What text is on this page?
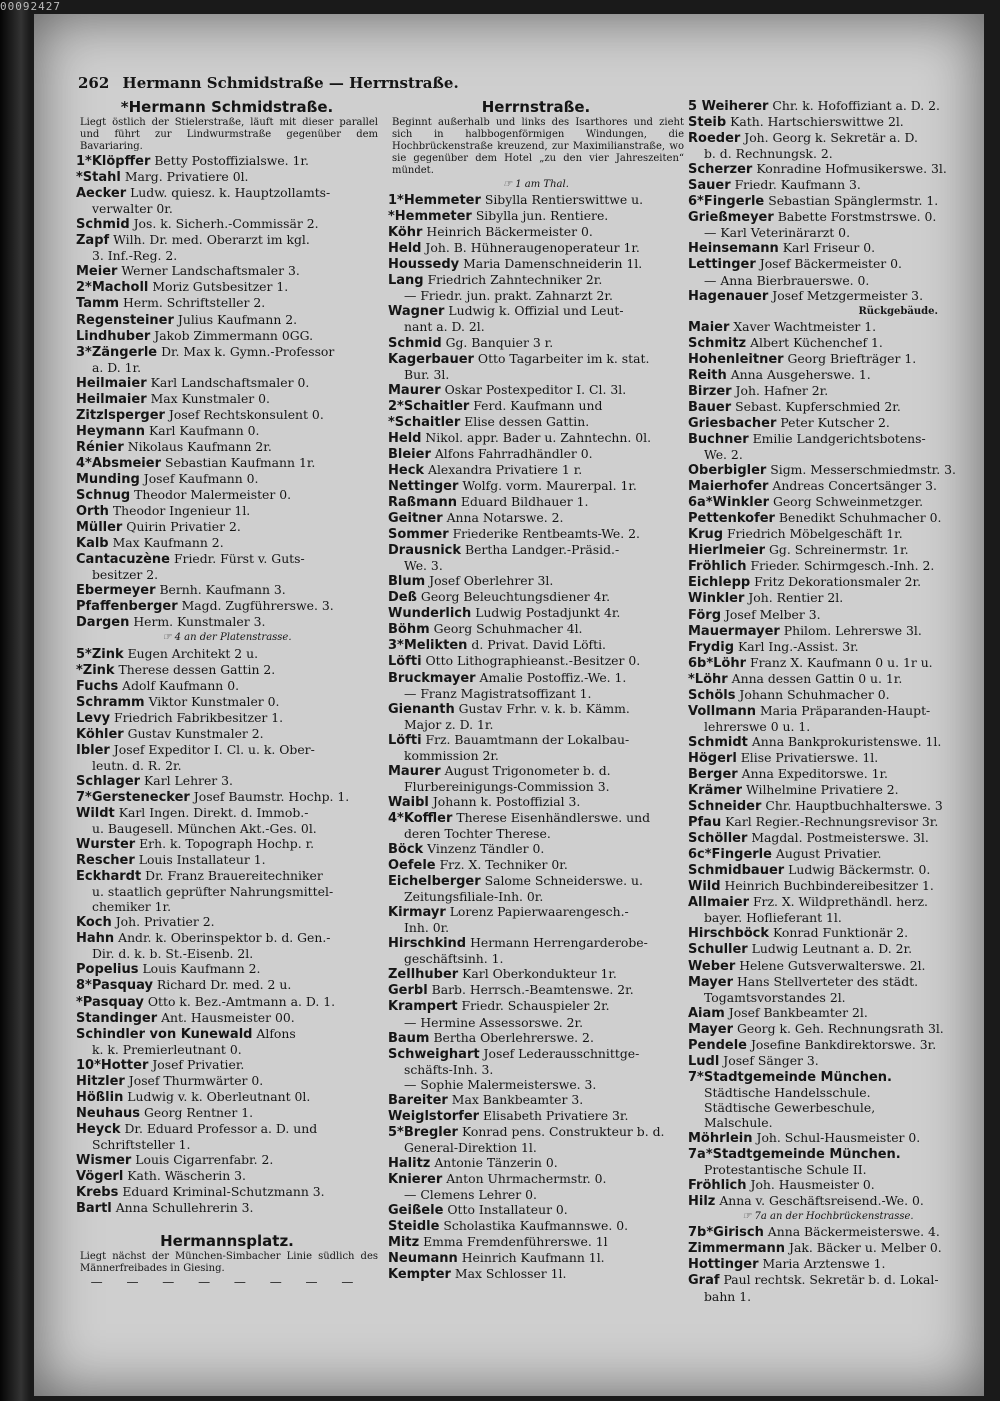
00092427
262 Hermann Schmidstraße — Herrnstraße.
*Hermann Schmidstraße.
Liegt östlich der Stielerstraße, läuft mit dieser parallel und führt zur Lindwurmstraße gegenüber dem Bavariaring.
1*Klöpffer Betty Postoffizialswe. 1r.
*Stahl Marg. Privatiere 0l.
Aecker Ludw. quiesz. k. Hauptzollamts-
verwalter 0r.
Schmid Jos. k. Sicherh.-Commissär 2.
Zapf Wilh. Dr. med. Oberarzt im kgl.
3. Inf.-Reg. 2.
Meier Werner Landschaftsmaler 3.
2*Macholl Moriz Gutsbesitzer 1.
Tamm Herm. Schriftsteller 2.
Regensteiner Julius Kaufmann 2.
Lindhuber Jakob Zimmermann 0GG.
3*Zängerle Dr. Max k. Gymn.-Professor
a. D. 1r.
Heilmaier Karl Landschaftsmaler 0.
Heilmaier Max Kunstmaler 0.
Zitzlsperger Josef Rechtskonsulent 0.
Heymann Karl Kaufmann 0.
Rénier Nikolaus Kaufmann 2r.
4*Absmeier Sebastian Kaufmann 1r.
Munding Josef Kaufmann 0.
Schnug Theodor Malermeister 0.
Orth Theodor Ingenieur 1l.
Müller Quirin Privatier 2.
Kalb Max Kaufmann 2.
Cantacuzène Friedr. Fürst v. Guts-
besitzer 2.
Ebermeyer Bernh. Kaufmann 3.
Pfaffenberger Magd. Zugführerswe. 3.
Dargen Herm. Kunstmaler 3.
☞ 4 an der Platenstrasse.
5*Zink Eugen Architekt 2 u.
*Zink Therese dessen Gattin 2.
Fuchs Adolf Kaufmann 0.
Schramm Viktor Kunstmaler 0.
Levy Friedrich Fabrikbesitzer 1.
Köhler Gustav Kunstmaler 2.
Ibler Josef Expeditor I. Cl. u. k. Ober-
leutn. d. R. 2r.
Schlager Karl Lehrer 3.
7*Gerstenecker Josef Baumstr. Hochp. 1.
Wildt Karl Ingen. Direkt. d. Immob.-
u. Baugesell. München Akt.-Ges. 0l.
Wurster Erh. k. Topograph Hochp. r.
Rescher Louis Installateur 1.
Eckhardt Dr. Franz Brauereitechniker
u. staatlich geprüfter Nahrungsmittel-
chemiker 1r.
Koch Joh. Privatier 2.
Hahn Andr. k. Oberinspektor b. d. Gen.-
Dir. d. k. b. St.-Eisenb. 2l.
Popelius Louis Kaufmann 2.
8*Pasquay Richard Dr. med. 2 u.
*Pasquay Otto k. Bez.-Amtmann a. D. 1.
Standinger Ant. Hausmeister 00.
Schindler von Kunewald Alfons
k. k. Premierleutnant 0.
10*Hotter Josef Privatier.
Hitzler Josef Thurmwärter 0.
Hößlin Ludwig v. k. Oberleutnant 0l.
Neuhaus Georg Rentner 1.
Heyck Dr. Eduard Professor a. D. und
Schriftsteller 1.
Wismer Louis Cigarrenfabr. 2.
Vögerl Kath. Wäscherin 3.
Krebs Eduard Kriminal-Schutzmann 3.
Bartl Anna Schullehrerin 3.
Hermannsplatz.
Liegt nächst der München-Simbacher Linie südlich des Männerfreibades in Giesing.
— — — — — — — —
Herrnstraße.
Beginnt außerhalb und links des Isarthores und zieht sich in halbbogenförmigen Windungen, die Hochbrückenstraße kreuzend, zur Maximilianstraße, wo sie gegenüber dem Hotel „zu den vier Jahreszeiten“ mündet.
☞ 1 am Thal.
1*Hemmeter Sibylla Rentierswittwe u.
*Hemmeter Sibylla jun. Rentiere.
Köhr Heinrich Bäckermeister 0.
Held Joh. B. Hühneraugenoperateur 1r.
Houssedy Maria Damenschneiderin 1l.
Lang Friedrich Zahntechniker 2r.
— Friedr. jun. prakt. Zahnarzt 2r.
Wagner Ludwig k. Offizial und Leut-
nant a. D. 2l.
Schmid Gg. Banquier 3 r.
Kagerbauer Otto Tagarbeiter im k. stat.
Bur. 3l.
Maurer Oskar Postexpeditor I. Cl. 3l.
2*Schaitler Ferd. Kaufmann und
*Schaitler Elise dessen Gattin.
Held Nikol. appr. Bader u. Zahntechn. 0l.
Bleier Alfons Fahrradhändler 0.
Heck Alexandra Privatiere 1 r.
Nettinger Wolfg. vorm. Maurerpal. 1r.
Raßmann Eduard Bildhauer 1.
Geitner Anna Notarswe. 2.
Sommer Friederike Rentbeamts-We. 2.
Drausnick Bertha Landger.-Präsid.-
We. 3.
Blum Josef Oberlehrer 3l.
Deß Georg Beleuchtungsdiener 4r.
Wunderlich Ludwig Postadjunkt 4r.
Böhm Georg Schuhmacher 4l.
3*Melikten d. Privat. David Löfti.
Löfti Otto Lithographieanst.-Besitzer 0.
Bruckmayer Amalie Postoffiz.-We. 1.
— Franz Magistratsoffizant 1.
Gienanth Gustav Frhr. v. k. b. Kämm.
Major z. D. 1r.
Löfti Frz. Bauamtmann der Lokalbau-
kommission 2r.
Maurer August Trigonometer b. d.
Flurbereinigungs-Commission 3.
Waibl Johann k. Postoffizial 3.
4*Koffler Therese Eisenhändlerswe. und
deren Tochter Therese.
Böck Vinzenz Tändler 0.
Oefele Frz. X. Techniker 0r.
Eichelberger Salome Schneiderswe. u.
Zeitungsfiliale-Inh. 0r.
Kirmayr Lorenz Papierwaarengesch.-
Inh. 0r.
Hirschkind Hermann Herrengarderobe-
geschäftsinh. 1.
Zellhuber Karl Oberkondukteur 1r.
Gerbl Barb. Herrsch.-Beamtenswe. 2r.
Krampert Friedr. Schauspieler 2r.
— Hermine Assessorswe. 2r.
Baum Bertha Oberlehrerswe. 2.
Schweighart Josef Lederausschnittge-
schäfts-Inh. 3.
— Sophie Malermeisterswe. 3.
Bareiter Max Bankbeamter 3.
Weiglstorfer Elisabeth Privatiere 3r.
5*Bregler Konrad pens. Construkteur b. d.
General-Direktion 1l.
Halitz Antonie Tänzerin 0.
Knierer Anton Uhrmachermstr. 0.
— Clemens Lehrer 0.
Geißele Otto Installateur 0.
Steidle Scholastika Kaufmannswe. 0.
Mitz Emma Fremdenführerswe. 1l
Neumann Heinrich Kaufmann 1l.
Kempter Max Schlosser 1l.
5 Weiherer Chr. k. Hofoffiziant a. D. 2.
Steib Kath. Hartschierswittwe 2l.
Roeder Joh. Georg k. Sekretär a. D.
b. d. Rechnungsk. 2.
Scherzer Konradine Hofmusikerswe. 3l.
Sauer Friedr. Kaufmann 3.
6*Fingerle Sebastian Spänglermstr. 1.
Grießmeyer Babette Forstmstrswe. 0.
— Karl Veterinärarzt 0.
Heinsemann Karl Friseur 0.
Lettinger Josef Bäckermeister 0.
— Anna Bierbrauerswe. 0.
Hagenauer Josef Metzgermeister 3.
Rückgebäude.
Maier Xaver Wachtmeister 1.
Schmitz Albert Küchenchef 1.
Hohenleitner Georg Briefträger 1.
Reith Anna Ausgeherswe. 1.
Birzer Joh. Hafner 2r.
Bauer Sebast. Kupferschmied 2r.
Griesbacher Peter Kutscher 2.
Buchner Emilie Landgerichtsbotens-
We. 2.
Oberbigler Sigm. Messerschmiedmstr. 3.
Maierhofer Andreas Concertsänger 3.
6a*Winkler Georg Schweinmetzger.
Pettenkofer Benedikt Schuhmacher 0.
Krug Friedrich Möbelgeschäft 1r.
Hierlmeier Gg. Schreinermstr. 1r.
Fröhlich Frieder. Schirmgesch.-Inh. 2.
Eichlepp Fritz Dekorationsmaler 2r.
Winkler Joh. Rentier 2l.
Förg Josef Melber 3.
Mauermayer Philom. Lehrerswe 3l.
Frydig Karl Ing.-Assist. 3r.
6b*Löhr Franz X. Kaufmann 0 u. 1r u.
*Löhr Anna dessen Gattin 0 u. 1r.
Schöls Johann Schuhmacher 0.
Vollmann Maria Präparanden-Haupt-
lehrerswe 0 u. 1.
Schmidt Anna Bankprokuristenswe. 1l.
Högerl Elise Privatierswe. 1l.
Berger Anna Expeditorswe. 1r.
Krämer Wilhelmine Privatiere 2.
Schneider Chr. Hauptbuchhalterswe. 3
Pfau Karl Regier.-Rechnungsrevisor 3r.
Schöller Magdal. Postmeisterswe. 3l.
6c*Fingerle August Privatier.
Schmidbauer Ludwig Bäckermstr. 0.
Wild Heinrich Buchbindereibesitzer 1.
Allmaier Frz. X. Wildprethändl. herz.
bayer. Hoflieferant 1l.
Hirschböck Konrad Funktionär 2.
Schuller Ludwig Leutnant a. D. 2r.
Weber Helene Gutsverwalterswe. 2l.
Mayer Hans Stellverteter des städt.
Togamtsvorstandes 2l.
Aiam Josef Bankbeamter 2l.
Mayer Georg k. Geh. Rechnungsrath 3l.
Pendele Josefine Bankdirektorswe. 3r.
Ludl Josef Sänger 3.
7*Stadtgemeinde München.
Städtische Handelsschule.
Städtische Gewerbeschule,
Malschule.
Möhrlein Joh. Schul-Hausmeister 0.
7a*Stadtgemeinde München.
Protestantische Schule II.
Fröhlich Joh. Hausmeister 0.
Hilz Anna v. Geschäftsreisend.-We. 0.
☞ 7a an der Hochbrückenstrasse.
7b*Girisch Anna Bäckermeisterswe. 4.
Zimmermann Jak. Bäcker u. Melber 0.
Hottinger Maria Arztenswe 1.
Graf Paul rechtsk. Sekretär b. d. Lokal-
bahn 1.
